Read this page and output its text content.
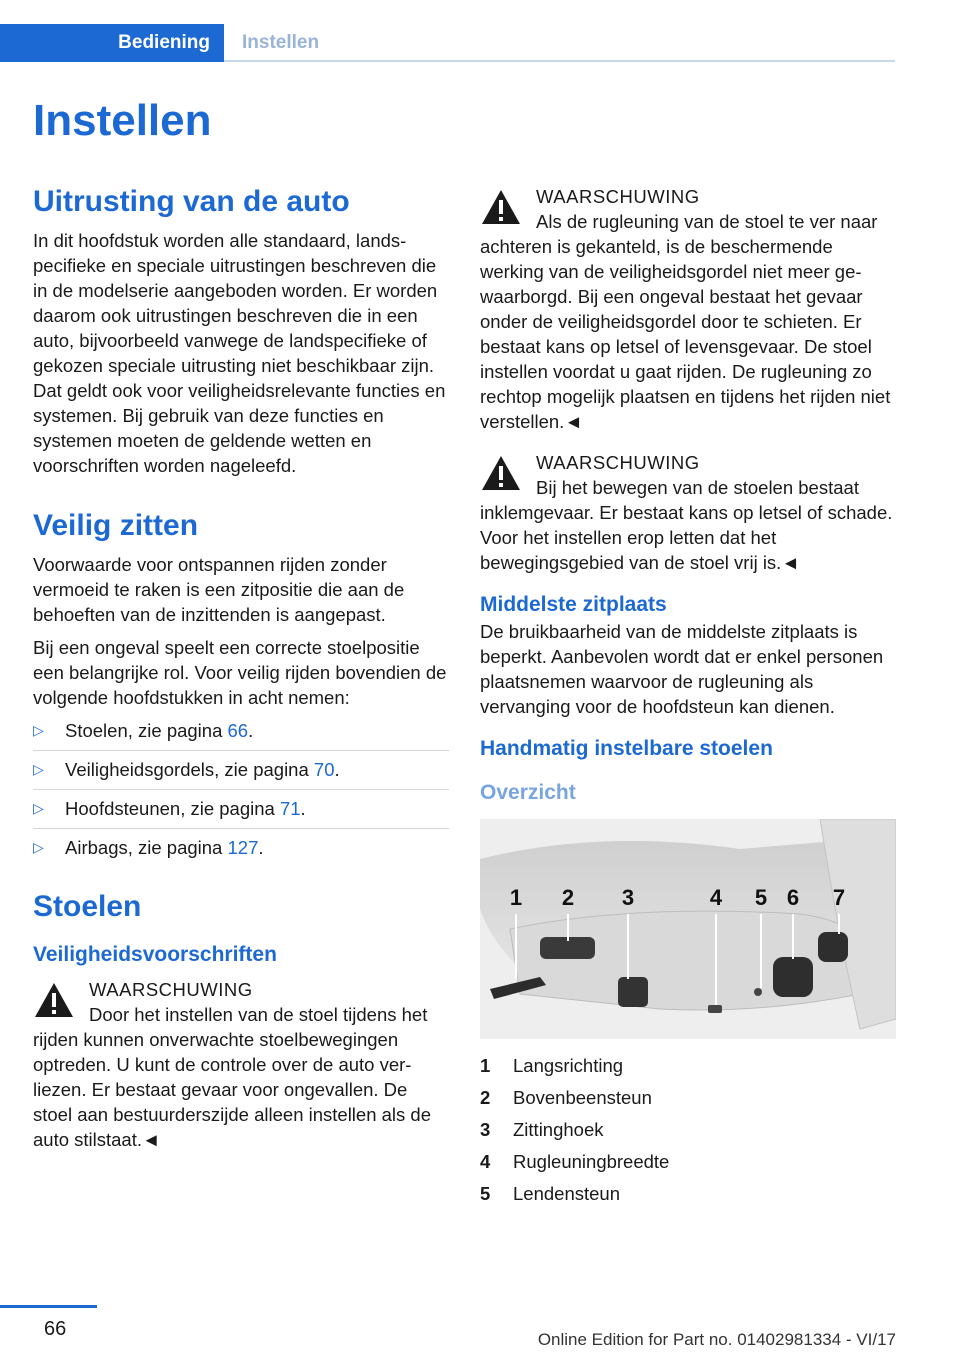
Bediening	Instellen
Instellen
Uitrusting van de auto

In dit hoofdstuk worden alle standaard, landspecifieke en speciale uitrustingen beschreven die in de modelserie aangeboden worden. Er worden daarom ook uitrustingen beschreven die in een auto, bijvoorbeeld vanwege de landspecifieke of gekozen speciale uitrusting niet beschikbaar zijn. Dat geldt ook voor veiligheidsrelevante functies en systemen. Bij gebruik van deze functies en systemen moeten de geldende wetten en voorschriften worden nageleefd.

Veilig zitten

Voorwaarde voor ontspannen rijden zonder vermoeid te raken is een zitpositie die aan de behoeften van de inzittenden is aangepast.

Bij een ongeval speelt een correcte stoelpositie een belangrijke rol. Voor veilig rijden bovendien de volgende hoofdstukken in acht nemen:

▷ Stoelen, zie pagina 66.
▷ Veiligheidsgordels, zie pagina 70.
▷ Hoofdsteunen, zie pagina 71.
▷ Airbags, zie pagina 127.
Stoelen
Veiligheidsvoorschriften
WAARSCHUWING

Door het instellen van de stoel tijdens het rijden kunnen onverwachte stoelbewegingen optreden. U kunt de controle over de auto verliezen. Er bestaat gevaar voor ongevallen. De stoel aan bestuurderszijde alleen instellen als de auto stilstaat.◄

WAARSCHUWING

Als de rugleuning van de stoel te ver naar achteren is gekanteld, is de beschermende werking van de veiligheidsgordel niet meer gewaarborgd. Bij een ongeval bestaat het gevaar onder de veiligheidsgordel door te schieten. Er bestaat kans op letsel of levensgevaar. De stoel instellen voordat u gaat rijden. De rugleuning zo rechtop mogelijk plaatsen en tijdens het rijden niet verstellen.◄

WAARSCHUWING

Bij het bewegen van de stoelen bestaat inklemgevaar. Er bestaat kans op letsel of schade. Voor het instellen erop letten dat het bewegingsgebied van de stoel vrij is.◄

Middelste zitplaats

De bruikbaarheid van de middelste zitplaats is beperkt. Aanbevolen wordt dat er enkel personen plaatsnemen waarvoor de rugleuning als vervanging voor de hoofdsteun kan dienen.

Handmatig instelbare stoelen
Overzicht
1 2 3	4 5 6 7
1 Langsrichting
2 Bovenbeensteun
3 Zittinghoek
4 Rugleuningbreedte
5 Lendensteun
66	Online Edition for Part no. 01402981334 - VI/17
